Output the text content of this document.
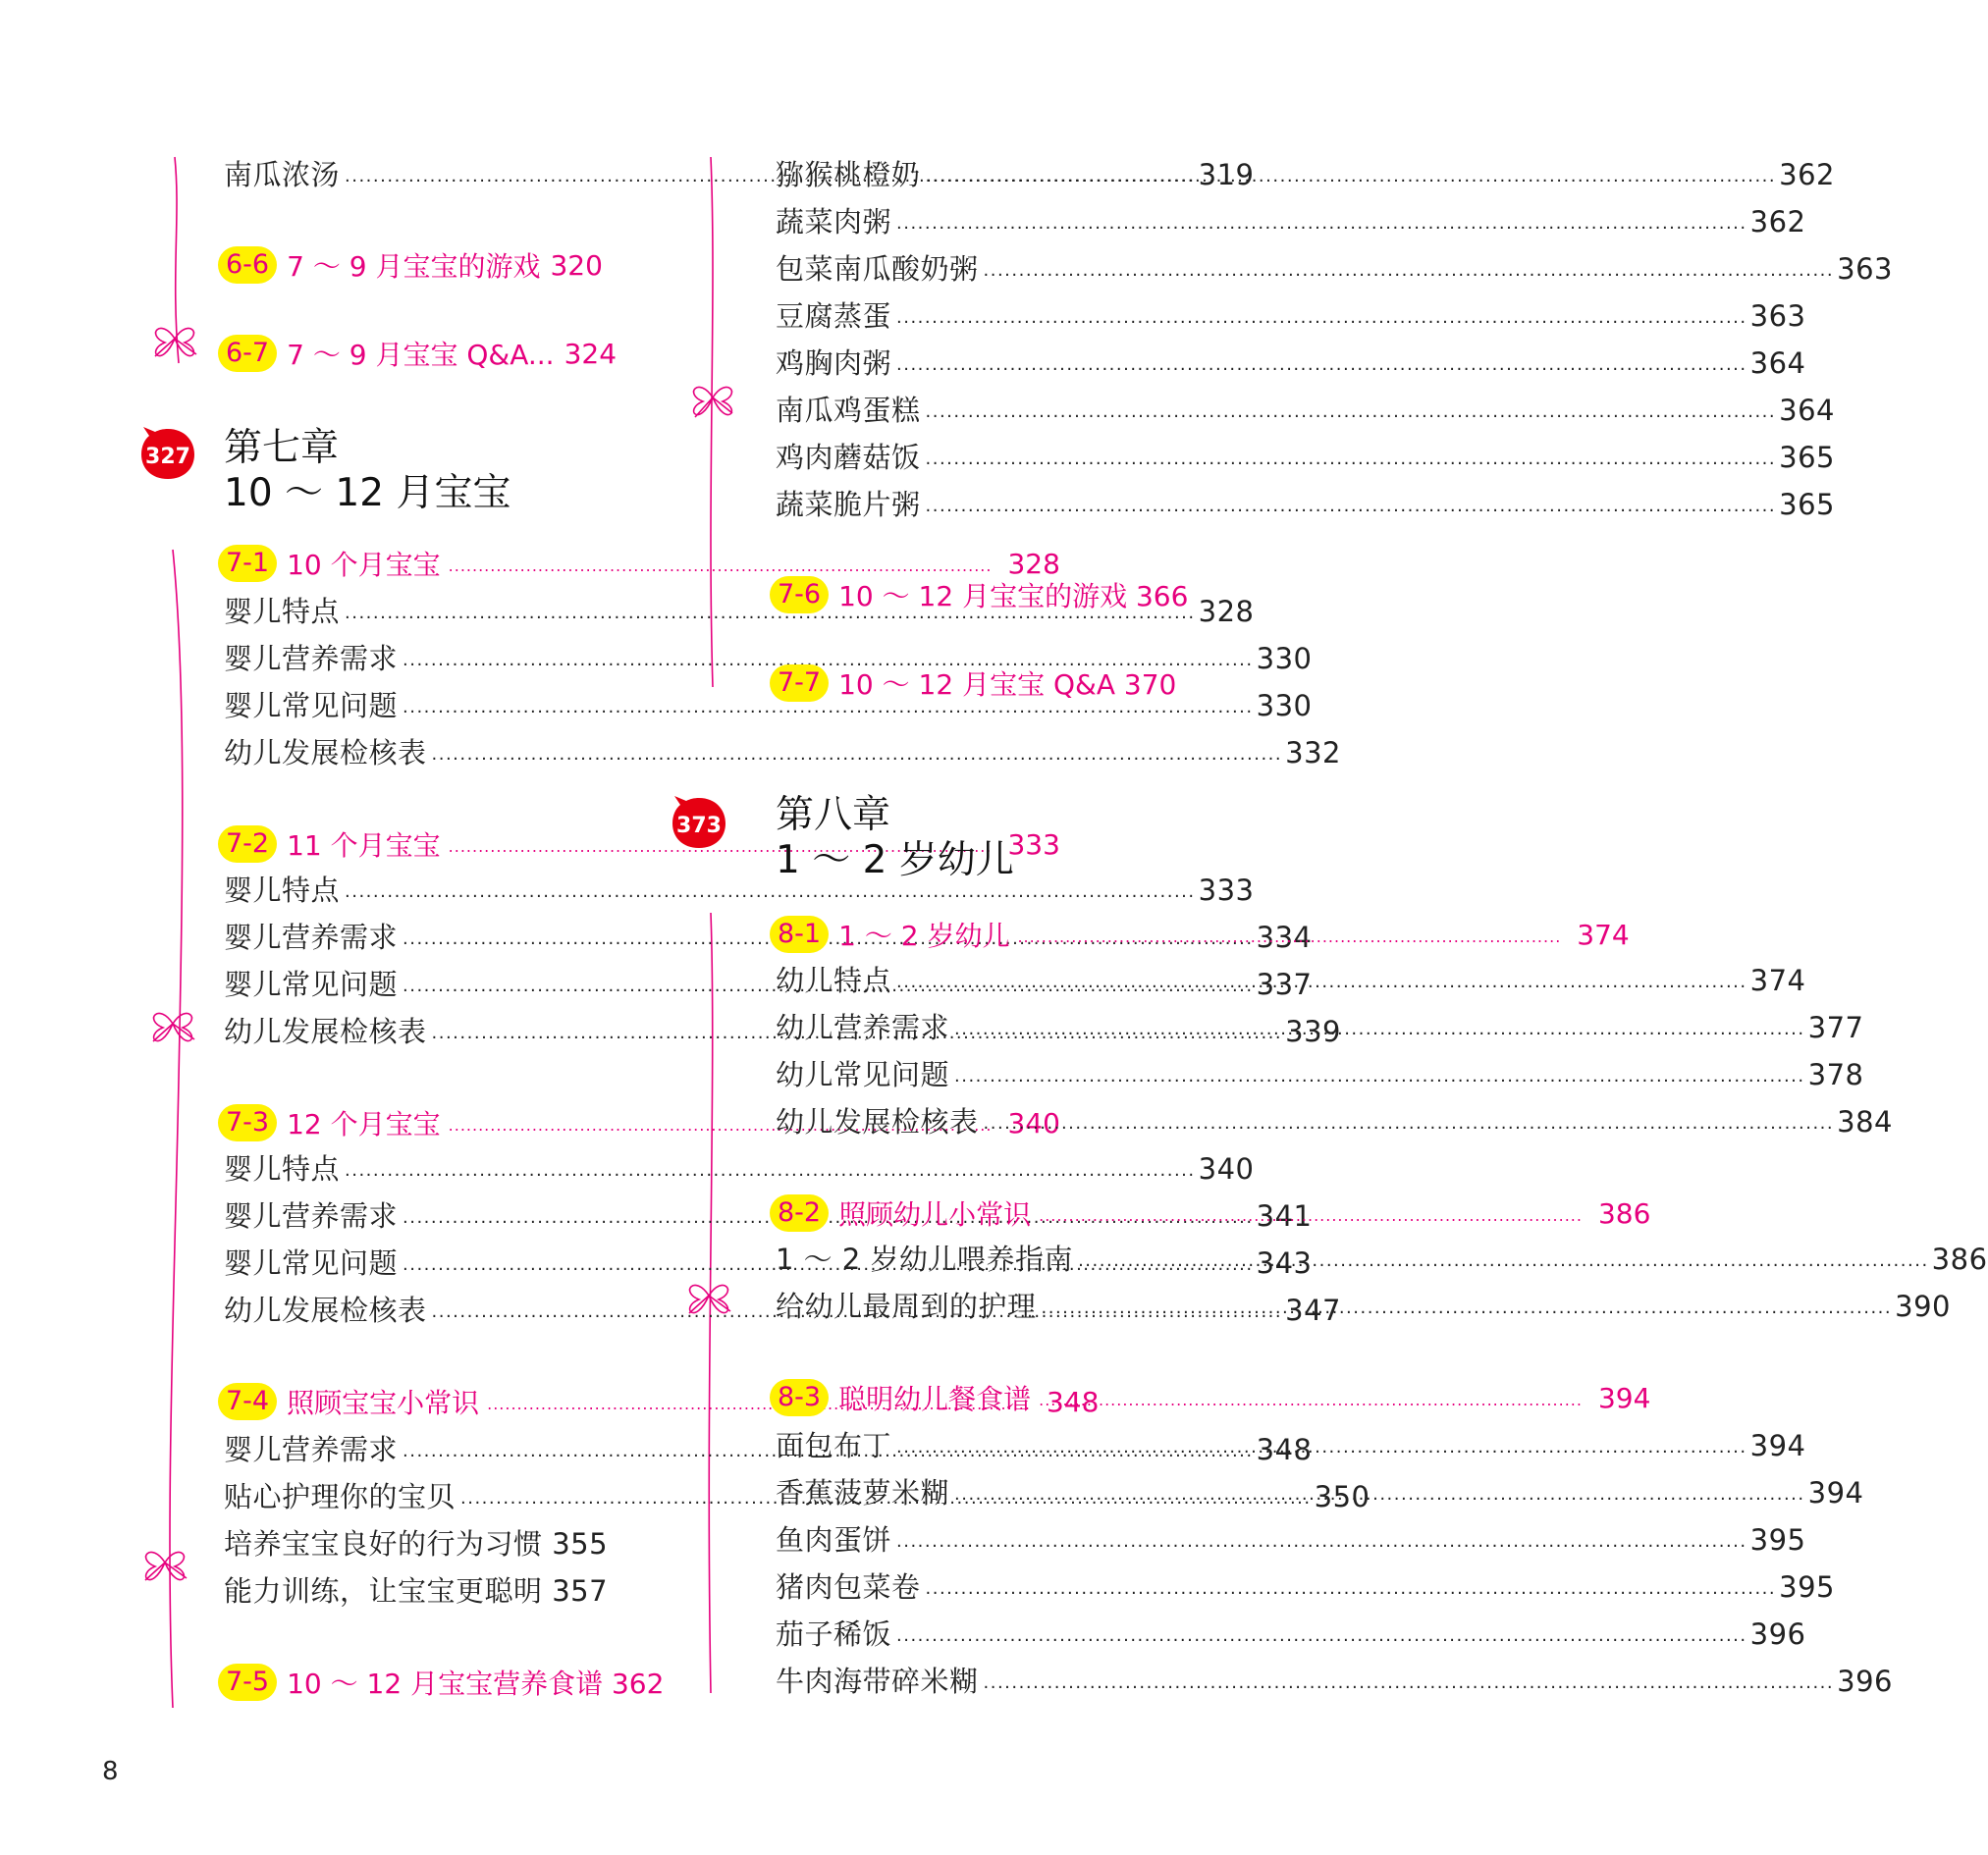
南瓜浓汤 .....	319
6-6 7 ～ 9 月宝宝的游戏 320
6-7 7 ～ 9 月宝宝 Q&A... 324
第七章
10 ～ 12 月宝宝
7-1 10 个月宝宝 .....	328
婴儿特点 .....	328
婴儿营养需求 .....	330
婴儿常见问题 .....	330
幼儿发展检核表 .....	332
7-2 11 个月宝宝 .....	333
婴儿特点 .....	333
婴儿营养需求 .....	334
婴儿常见问题 .....	337
幼儿发展检核表 .....	339
7-3 12 个月宝宝 .....	340
婴儿特点 .....	340
婴儿营养需求 .....	341
婴儿常见问题 .....	343
幼儿发展检核表 .....	347
7-4 照顾宝宝小常识 .....	348
婴儿营养需求 .....	348
贴心护理你的宝贝 .....	350
培养宝宝良好的行为习惯 355
能力训练，让宝宝更聪明 357
7-5 10 ～ 12 月宝宝营养食谱 362
327
猕猴桃橙奶 .....	362
蔬菜肉粥 .....	362
包菜南瓜酸奶粥 .....	363
豆腐蒸蛋 .....	363
鸡胸肉粥 .....	364
南瓜鸡蛋糕 .....	364
鸡肉蘑菇饭 .....	365
蔬菜脆片粥 .....	365
7-6 10 ～ 12 月宝宝的游戏 366
7-7 10 ～ 12 月宝宝 Q&A 370
第八章
1 ～ 2 岁幼儿
8-1 1 ～ 2 岁幼儿 .....	374
幼儿特点 .....	374
幼儿营养需求 .....	377
幼儿常见问题 .....	378
幼儿发展检核表 .....	384
8-2 照顾幼儿小常识 .....	386
1 ～ 2 岁幼儿喂养指南 .....	386
给幼儿最周到的护理 .....	390
8-3 聪明幼儿餐食谱 .....	394
面包布丁 .....	394
香蕉菠萝米糊 .....	394
鱼肉蛋饼 .....	395
猪肉包菜卷 .....	395
茄子稀饭 .....	396
牛肉海带碎米糊 .....	396
373
8
